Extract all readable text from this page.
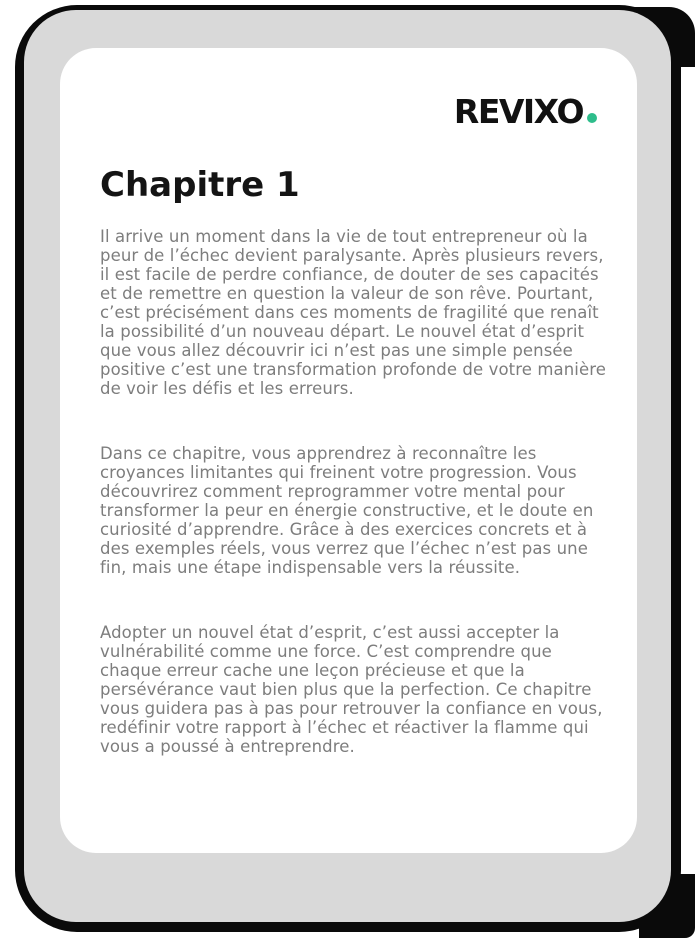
REVIXO
Chapitre 1

Il arrive un moment dans la vie de tout entrepreneur où la peur de l’échec devient paralysante. Après plusieurs revers, il est facile de perdre confiance, de douter de ses capacités et de remettre en question la valeur de son rêve. Pourtant, c’est précisément dans ces moments de fragilité que renaît la possibilité d’un nouveau départ. Le nouvel état d’esprit que vous allez découvrir ici n’est pas une simple pensée positive c’est une transformation profonde de votre manière de voir les défis et les erreurs.

Dans ce chapitre, vous apprendrez à reconnaître les croyances limitantes qui freinent votre progression. Vous découvrirez comment reprogrammer votre mental pour transformer la peur en énergie constructive, et le doute en curiosité d’apprendre. Grâce à des exercices concrets et à des exemples réels, vous verrez que l’échec n’est pas une fin, mais une étape indispensable vers la réussite.

Adopter un nouvel état d’esprit, c’est aussi accepter la vulnérabilité comme une force. C’est comprendre que chaque erreur cache une leçon précieuse et que la persévérance vaut bien plus que la perfection. Ce chapitre vous guidera pas à pas pour retrouver la confiance en vous, redéfinir votre rapport à l’échec et réactiver la flamme qui vous a poussé à entreprendre.
